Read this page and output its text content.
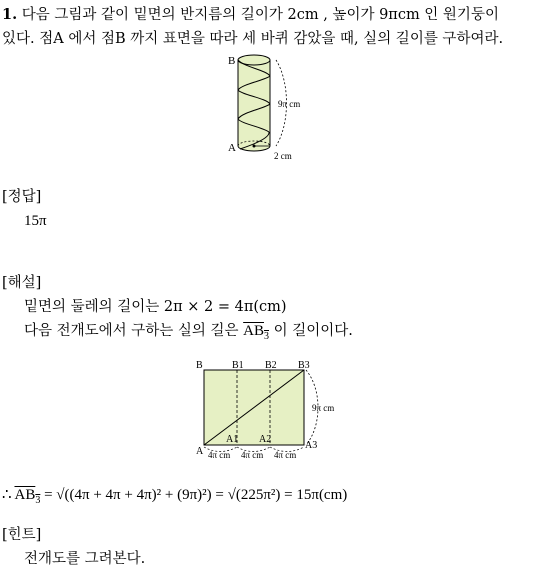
1. 다음 그림과 같이 밑면의 반지름의 길이가 2cm , 높이가 9πcm 인 원기둥이
있다. 점A 에서 점B 까지 표면을 따라 세 바퀴 감았을 때, 실의 길이를 구하여라.
B
A
9π cm
2 cm
[정답]
15π
[해설]
밑면의 둘레의 길이는 2π × 2 = 4π(cm)
다음 전개도에서 구하는 실의 길은 $AB_3$ 이 길이이다.
B	B1 B2 B3
A
A1 A2
A3
9π cm
4π cm 4π cm 4π cm
∴ $AB_3 = √((4\pi + 4\pi + 4\pi)^2 + (9\pi)^2) = √(225\pi^2) = 15\pi(cm)$
[힌트]
전개도를 그려본다.
